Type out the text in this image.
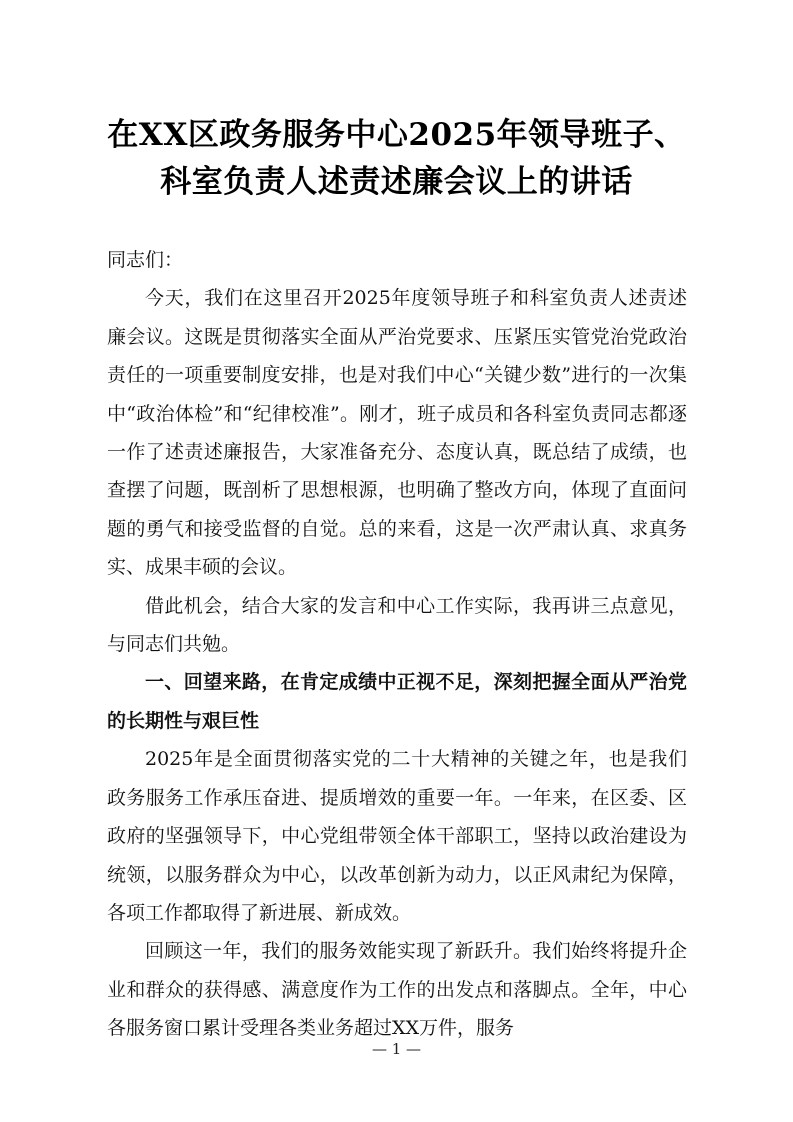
在XX区政务服务中心2025年领导班子、
科室负责人述责述廉会议上的讲话

同志们：

今天，我们在这里召开2025年度领导班子和科室负责人述责述廉会议。这既是贯彻落实全面从严治党要求、压紧压实管党治党政治责任的一项重要制度安排，也是对我们中心“关键少数”进行的一次集中“政治体检”和“纪律校准”。刚才，班子成员和各科室负责同志都逐一作了述责述廉报告，大家准备充分、态度认真，既总结了成绩，也查摆了问题，既剖析了思想根源，也明确了整改方向，体现了直面问题的勇气和接受监督的自觉。总的来看，这是一次严肃认真、求真务实、成果丰硕的会议。

借此机会，结合大家的发言和中心工作实际，我再讲三点意见，与同志们共勉。

一、回望来路，在肯定成绩中正视不足，深刻把握全面从严治党的长期性与艰巨性

2025年是全面贯彻落实党的二十大精神的关键之年，也是我们政务服务工作承压奋进、提质增效的重要一年。一年来，在区委、区政府的坚强领导下，中心党组带领全体干部职工，坚持以政治建设为统领，以服务群众为中心，以改革创新为动力，以正风肃纪为保障，各项工作都取得了新进展、新成效。

回顾这一年，我们的服务效能实现了新跃升。我们始终将提升企业和群众的获得感、满意度作为工作的出发点和落脚点。全年，中心各服务窗口累计受理各类业务超过XX万件，服务

— 1 —
